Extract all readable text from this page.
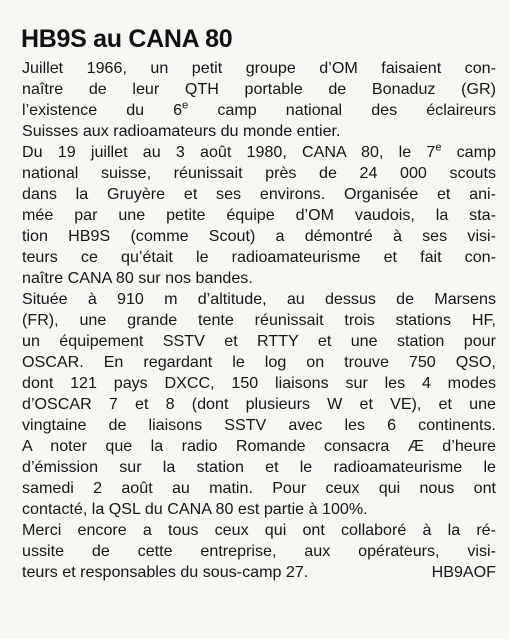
HB9S au CANA 80
Juillet 1966, un petit groupe d’OM faisaient con-
naître de leur QTH portable de Bonaduz (GR)
l’existence du 6e camp national des éclaireurs
Suisses aux radioamateurs du monde entier.
Du 19 juillet au 3 août 1980, CANA 80, le 7e camp
national suisse, réunissait près de 24 000 scouts
dans la Gruyère et ses environs. Organisée et ani-
mée par une petite équipe d’OM vaudois, la sta-
tion HB9S (comme Scout) a démontré à ses visi-
teurs ce qu’était le radioamateurisme et fait con-
naître CANA 80 sur nos bandes.
Située à 910 m d’altitude, au dessus de Marsens
(FR), une grande tente réunissait trois stations HF,
un équipement SSTV et RTTY et une station pour
OSCAR. En regardant le log on trouve 750 QSO,
dont 121 pays DXCC, 150 liaisons sur les 4 modes
d’OSCAR 7 et 8 (dont plusieurs W et VE), et une
vingtaine de liaisons SSTV avec les 6 continents.
A noter que la radio Romande consacra Æ d’heure
d’émission sur la station et le radioamateurisme le
samedi 2 août au matin. Pour ceux qui nous ont
contacté, la QSL du CANA 80 est partie à 100%.
Merci encore a tous ceux qui ont collaboré à la ré-
ussite de cette entreprise, aux opérateurs, visi-
teurs et responsables du sous-camp 27.	HB9AOF
